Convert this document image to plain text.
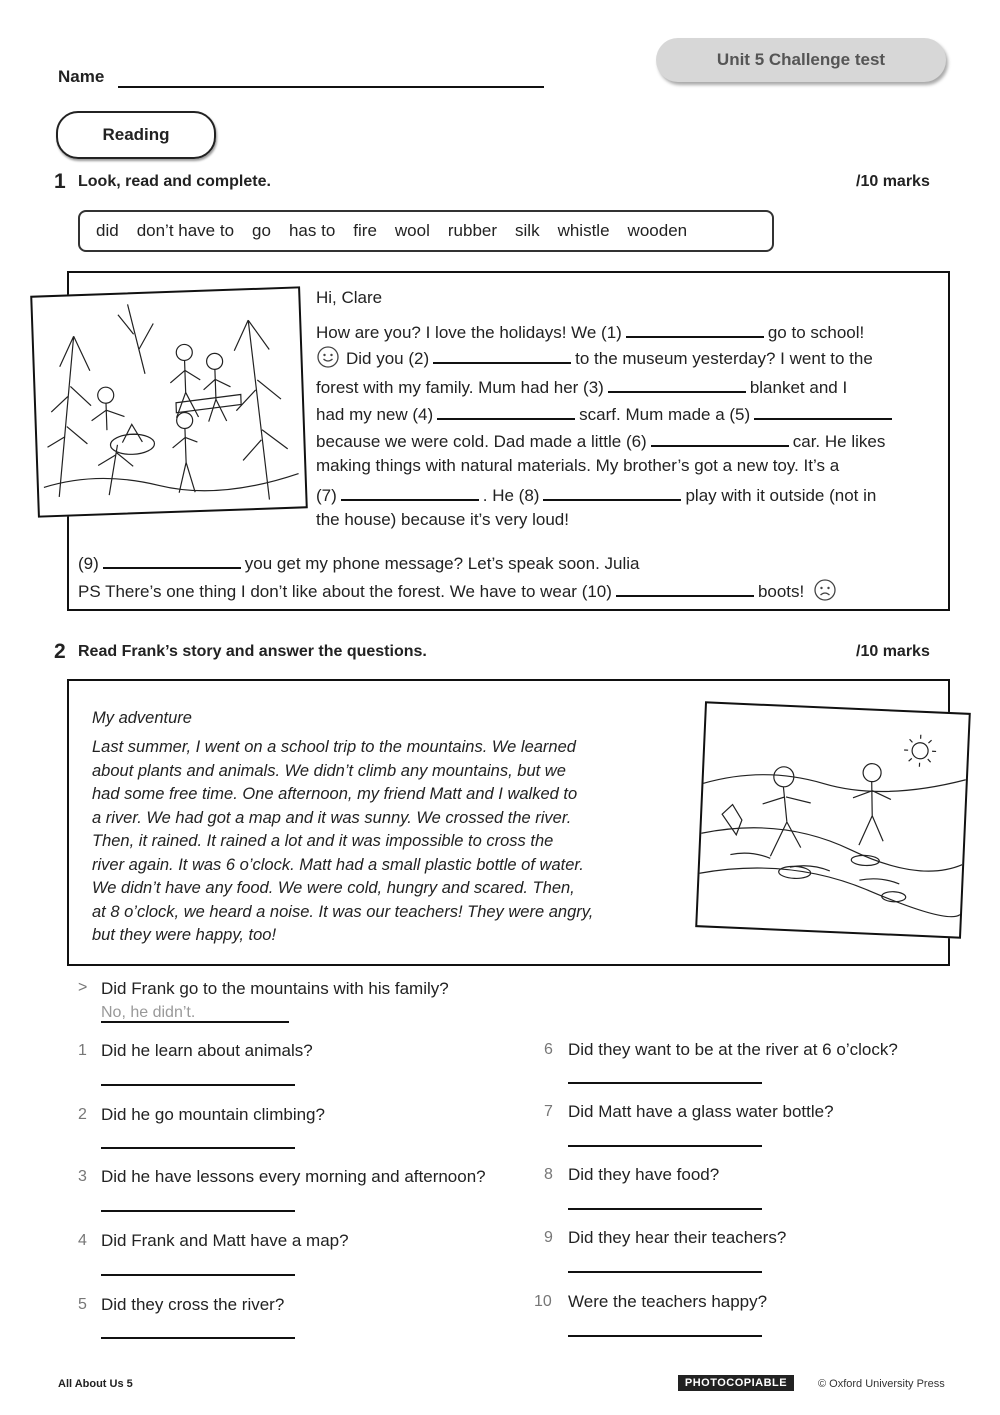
Name
Unit 5 Challenge test
Reading
1 Look, read and complete.	/10 marks
did don’t have to go has to fire wool rubber silk whistle wooden
Hi, Clare
How are you? I love the holidays! We (1)	go to school!
Did you (2)	to the museum yesterday? I went to the
forest with my family. Mum had her (3)	blanket and I
had my new (4)	scarf. Mum made a (5)
because we were cold. Dad made a little (6)	car. He likes
making things with natural materials. My brother’s got a new toy. It’s a
(7)	. He (8)	play with it outside (not in
the house) because it’s very loud!
(9)	you get my phone message? Let’s speak soon. Julia
PS There’s one thing I don’t like about the forest. We have to wear (10)	boots!
2 Read Frank’s story and answer the questions.	/10 marks
My adventure
Last summer, I went on a school trip to the mountains. We learned
about plants and animals. We didn’t climb any mountains, but we
had some free time. One afternoon, my friend Matt and I walked to
a river. We had got a map and it was sunny. We crossed the river.
Then, it rained. It rained a lot and it was impossible to cross the
river again. It was 6 o’clock. Matt had a small plastic bottle of water.
We didn’t have any food. We were cold, hungry and scared. Then,
at 8 o’clock, we heard a noise. It was our teachers! They were angry,
but they were happy, too!
> Did Frank go to the mountains with his family?
No, he didn’t.
1 Did he learn about animals?
2 Did he go mountain climbing?
3 Did he have lessons every morning and afternoon?
4 Did Frank and Matt have a map?
5 Did they cross the river?
6 Did they want to be at the river at 6 o’clock?
7 Did Matt have a glass water bottle?
8 Did they have food?
9 Did they hear their teachers?
10 Were the teachers happy?
All About Us 5	PHOTOCOPIABLE	© Oxford University Press
